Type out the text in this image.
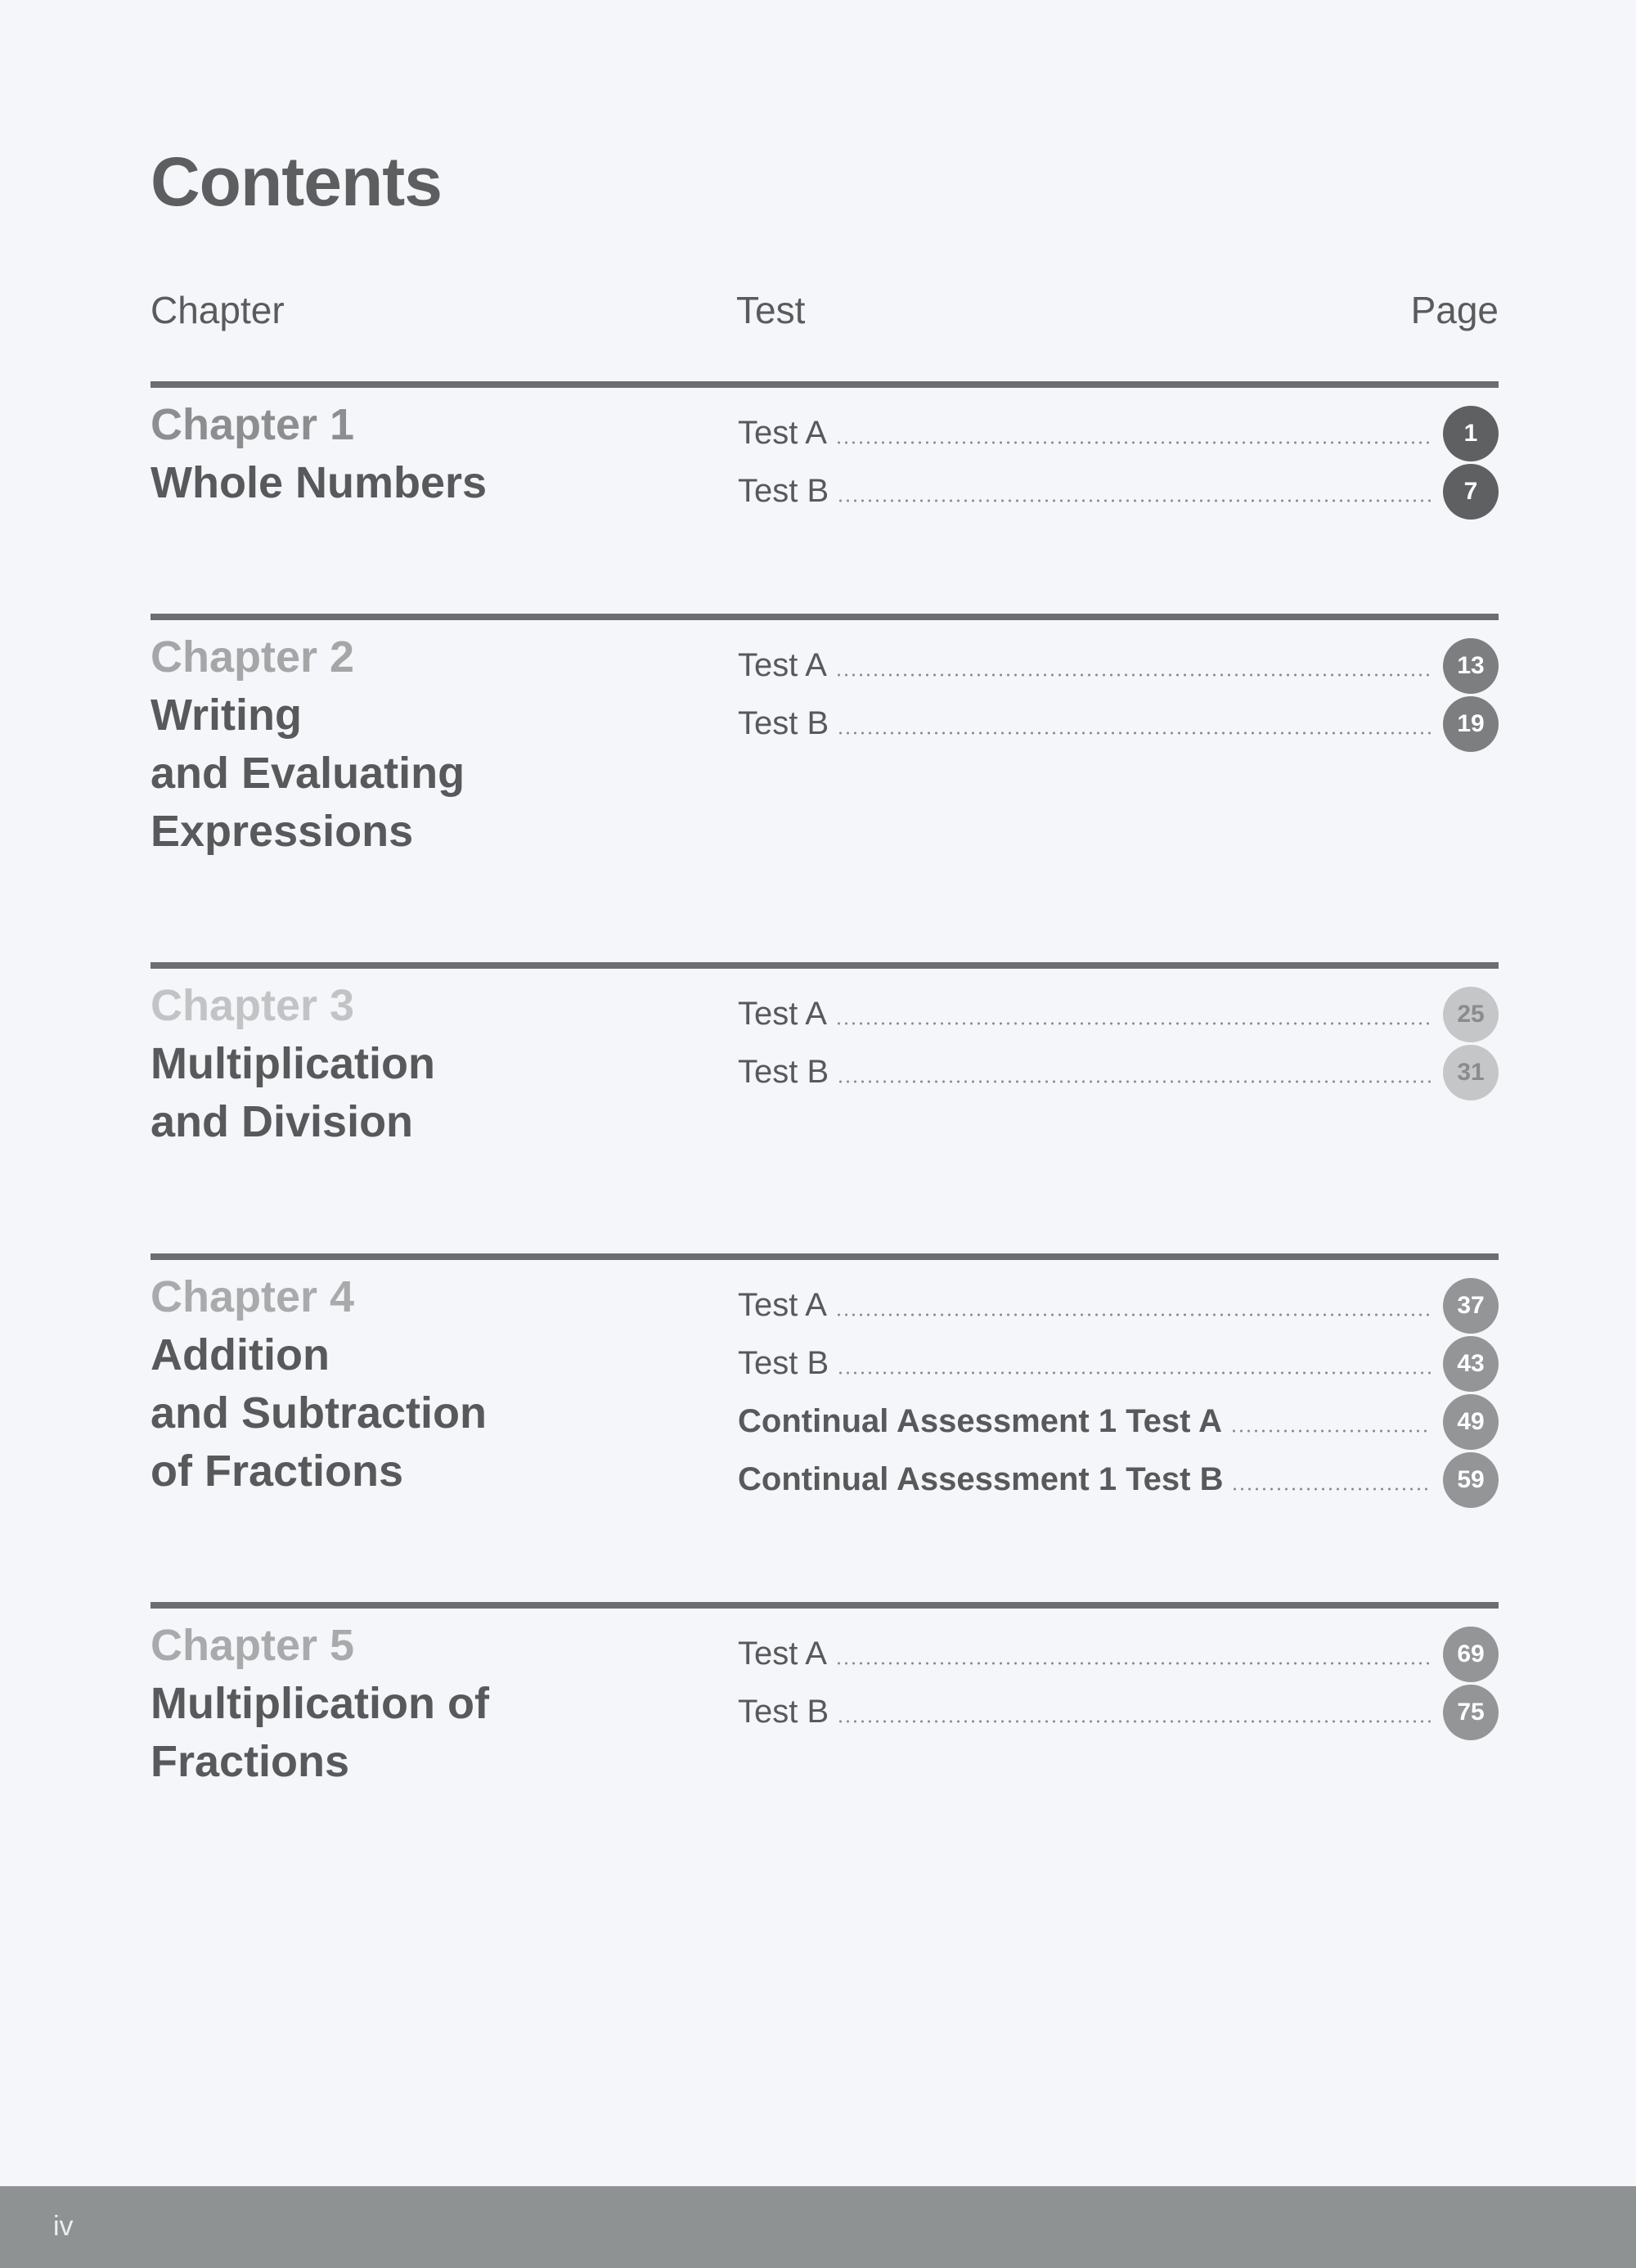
Contents
Chapter	Test	Page
Chapter 1
Whole Numbers
Test A	1
Test B	7
Chapter 2
Writing
and Evaluating
Expressions
Test A	13
Test B	19
Chapter 3
Multiplication
and Division
Test A	25
Test B	31
Chapter 4
Addition
and Subtraction
of Fractions
Test A	37
Test B	43
Continual Assessment 1 Test A	49
Continual Assessment 1 Test B	59
Chapter 5
Multiplication of
Fractions
Test A	69
Test B	75
iv
